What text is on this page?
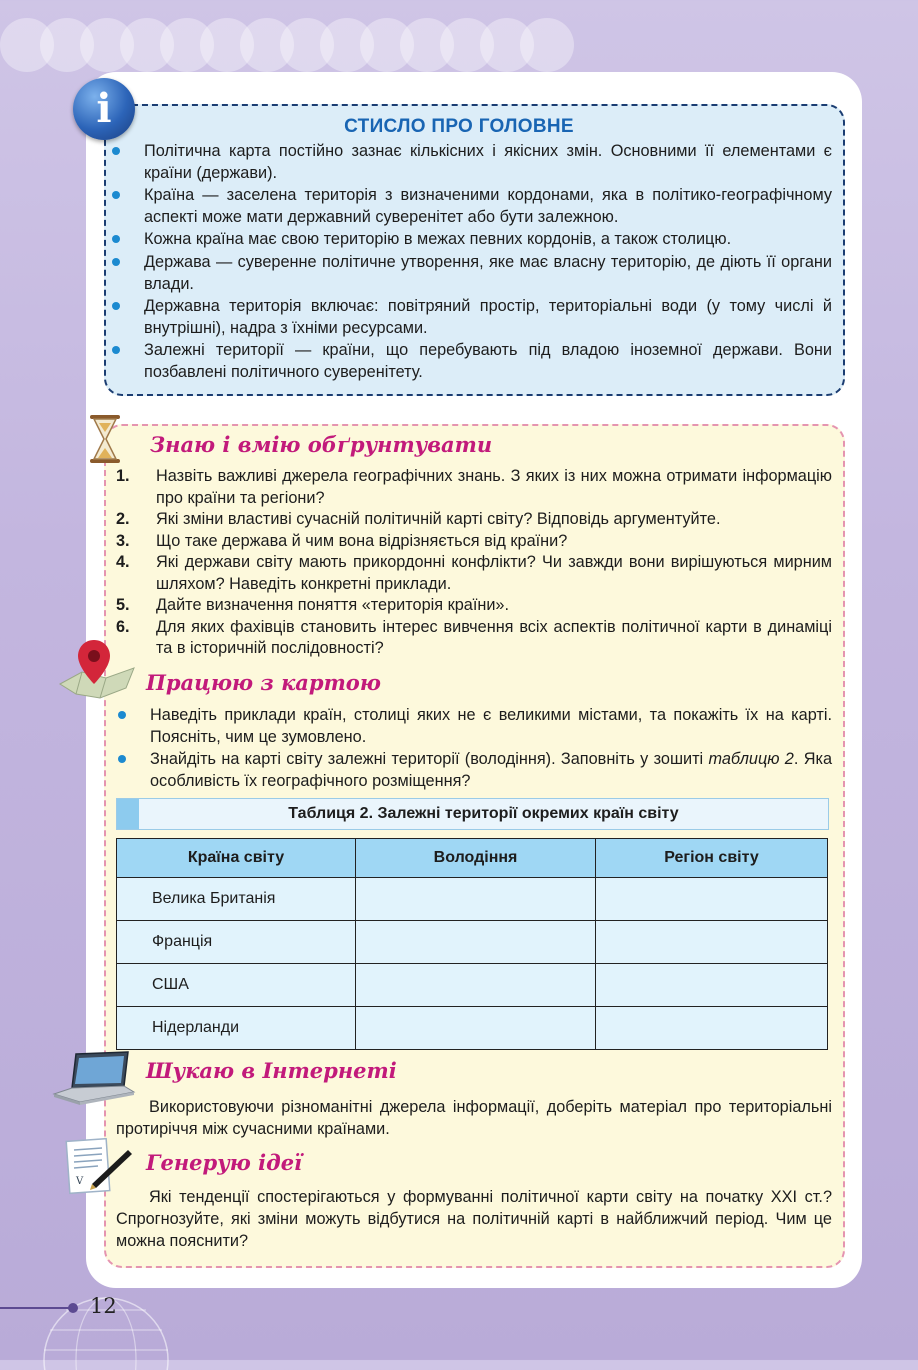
i	СТИСЛО ПРО ГОЛОВНЕ
Політична карта постійно зазнає кількісних і якісних змін. Основними її елементами є країни (держави).
Країна — заселена територія з визначеними кордонами, яка в політико-географічному аспекті може мати державний суверенітет або бути залежною.
Кожна країна має свою територію в межах певних кордонів, а також столицю.
Держава — суверенне політичне утворення, яке має власну територію, де діють її органи влади.
Державна територія включає: повітряний простір, територіальні води (у тому числі й внутрішні), надра з їхніми ресурсами.
Залежні території — країни, що перебувають під владою іноземної держави. Вони позбавлені політичного суверенітету.
Знаю і вмію обґрунтувати
1. Назвіть важливі джерела географічних знань. З яких із них можна отримати інформацію про країни та регіони?
2. Які зміни властиві сучасній політичній карті світу? Відповідь аргументуйте.
3. Що таке держава й чим вона відрізняється від країни?
4. Які держави світу мають прикордонні конфлікти? Чи завжди вони вирішуються мирним шляхом? Наведіть конкретні приклади.
5. Дайте визначення поняття «територія країни».
6. Для яких фахівців становить інтерес вивчення всіх аспектів політичної карти в динаміці та в історичній послідовності?
Працюю з картою
Наведіть приклади країн, столиці яких не є великими містами, та покажіть їх на карті. Поясніть, чим це зумовлено.
Знайдіть на карті світу залежні території (володіння). Заповніть у зошиті таблицю 2. Яка особливість їх географічного розміщення?
Таблиця 2. Залежні території окремих країн світу
Країна світу	Володіння	Регіон світу
Велика Британія		
Франція		
США		
Нідерланди		
Шукаю в Інтернеті
Використовуючи різноманітні джерела інформації, доберіть матеріал про територіальні протиріччя між сучасними країнами.
V
Генерую ідеї
Які тенденції спостерігаються у формуванні політичної карти світу на початку XXI ст.? Спрогнозуйте, які зміни можуть відбутися на політичній карті в найближчий період. Чим це можна пояснити?
12
